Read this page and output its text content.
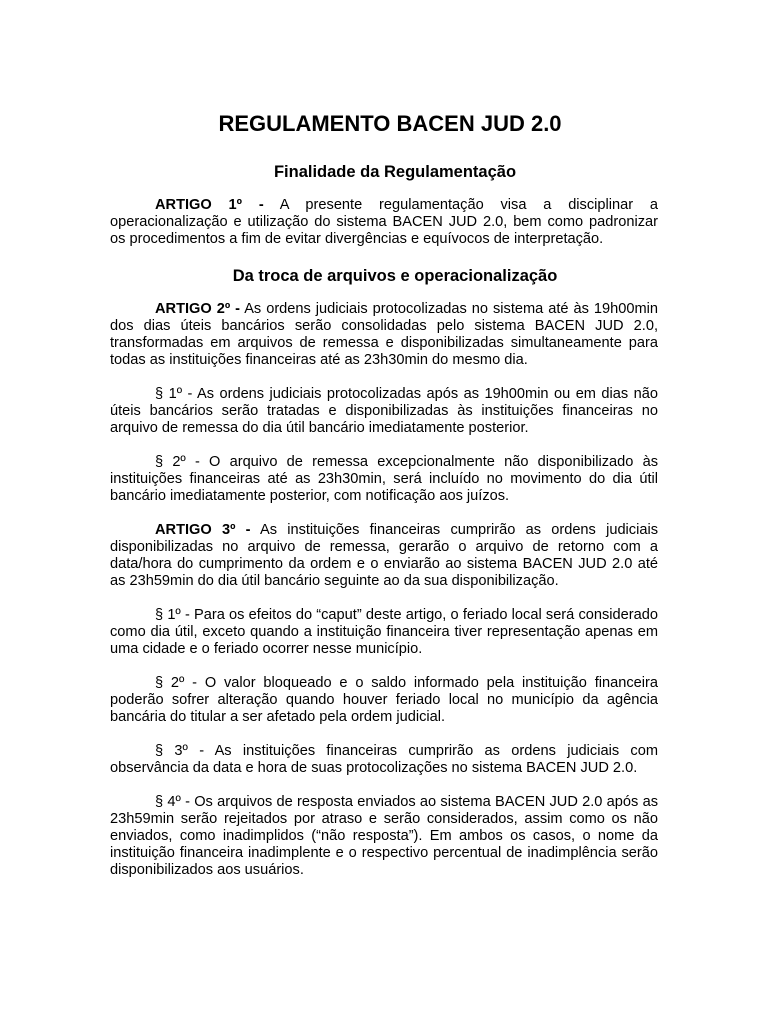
REGULAMENTO BACEN JUD 2.0
Finalidade da Regulamentação

ARTIGO 1º - A presente regulamentação visa a disciplinar a operacionalização e utilização do sistema BACEN JUD 2.0, bem como padronizar os procedimentos a fim de evitar divergências e equívocos de interpretação.

Da troca de arquivos e operacionalização

ARTIGO 2º - As ordens judiciais protocolizadas no sistema até às 19h00min dos dias úteis bancários serão consolidadas pelo sistema BACEN JUD 2.0, transformadas em arquivos de remessa e disponibilizadas simultaneamente para todas as instituições financeiras até as 23h30min do mesmo dia.

§ 1º - As ordens judiciais protocolizadas após as 19h00min ou em dias não úteis bancários serão tratadas e disponibilizadas às instituições financeiras no arquivo de remessa do dia útil bancário imediatamente posterior.

§ 2º - O arquivo de remessa excepcionalmente não disponibilizado às instituições financeiras até as 23h30min, será incluído no movimento do dia útil bancário imediatamente posterior, com notificação aos juízos.

ARTIGO 3º - As instituições financeiras cumprirão as ordens judiciais disponibilizadas no arquivo de remessa, gerarão o arquivo de retorno com a data/hora do cumprimento da ordem e o enviarão ao sistema BACEN JUD 2.0 até as 23h59min do dia útil bancário seguinte ao da sua disponibilização.

§ 1º - Para os efeitos do “caput” deste artigo, o feriado local será considerado como dia útil, exceto quando a instituição financeira tiver representação apenas em uma cidade e o feriado ocorrer nesse município.

§ 2º - O valor bloqueado e o saldo informado pela instituição financeira poderão sofrer alteração quando houver feriado local no município da agência bancária do titular a ser afetado pela ordem judicial.

§ 3º - As instituições financeiras cumprirão as ordens judiciais com observância da data e hora de suas protocolizações no sistema BACEN JUD 2.0.

§ 4º - Os arquivos de resposta enviados ao sistema BACEN JUD 2.0 após as 23h59min serão rejeitados por atraso e serão considerados, assim como os não enviados, como inadimplidos (“não resposta”). Em ambos os casos, o nome da instituição financeira inadimplente e o respectivo percentual de inadimplência serão disponibilizados aos usuários.
